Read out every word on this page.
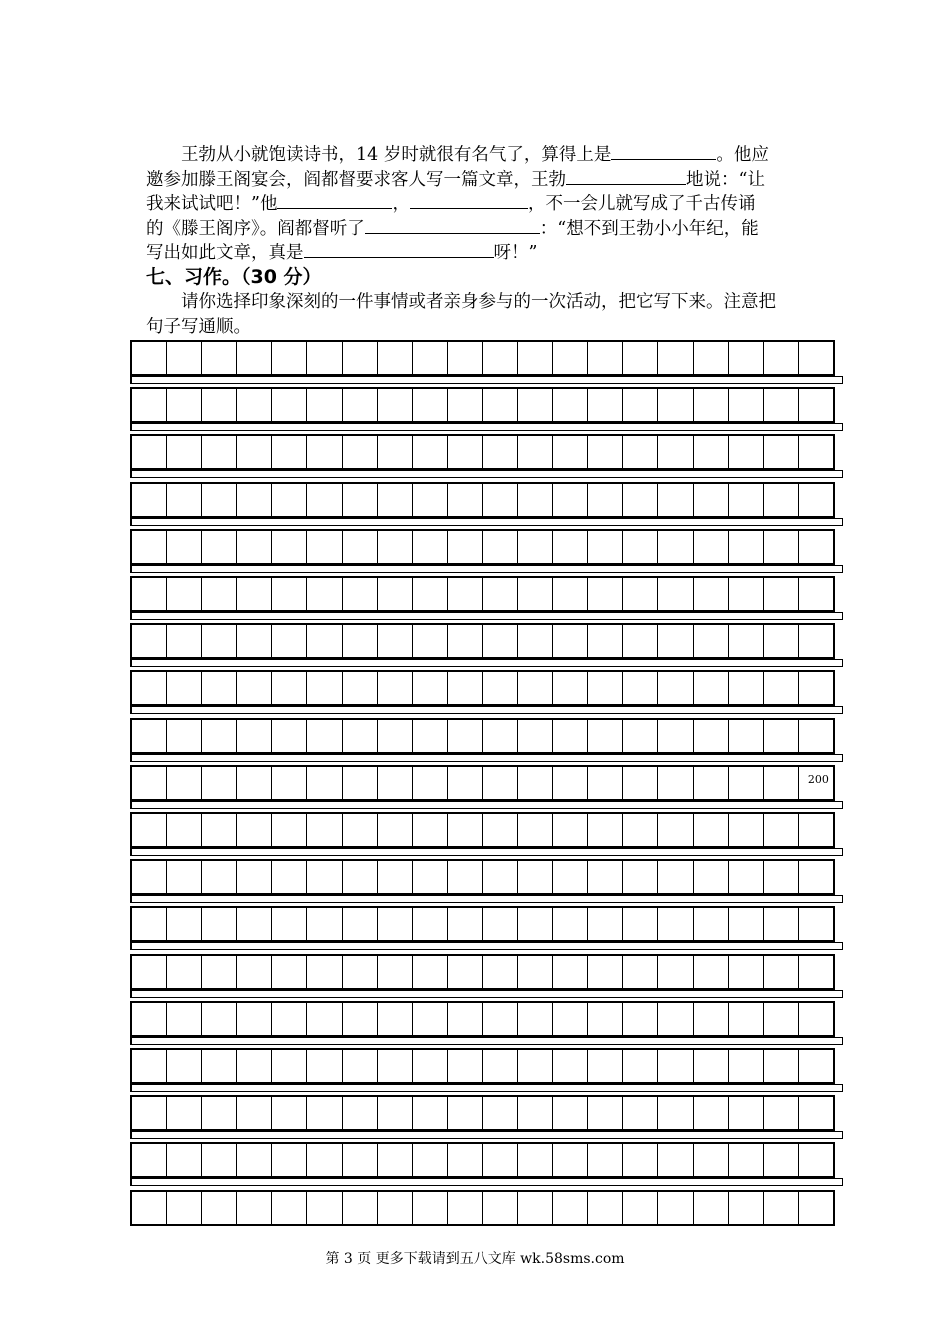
王勃从小就饱读诗书，14 岁时就很有名气了，算得上是	。他应
邀参加滕王阁宴会，阎都督要求客人写一篇文章，王勃	地说：“让
我来试试吧！”他	，	，不一会儿就写成了千古传诵
的《滕王阁序》。阎都督听了	：“想不到王勃小小年纪，能
写出如此文章，真是	呀！”
七、习作。（30 分）
请你选择印象深刻的一件事情或者亲身参与的一次活动，把它写下来。注意把
句子写通顺。
200
第 3 页 更多下载请到五八文库 wk.58sms.com
